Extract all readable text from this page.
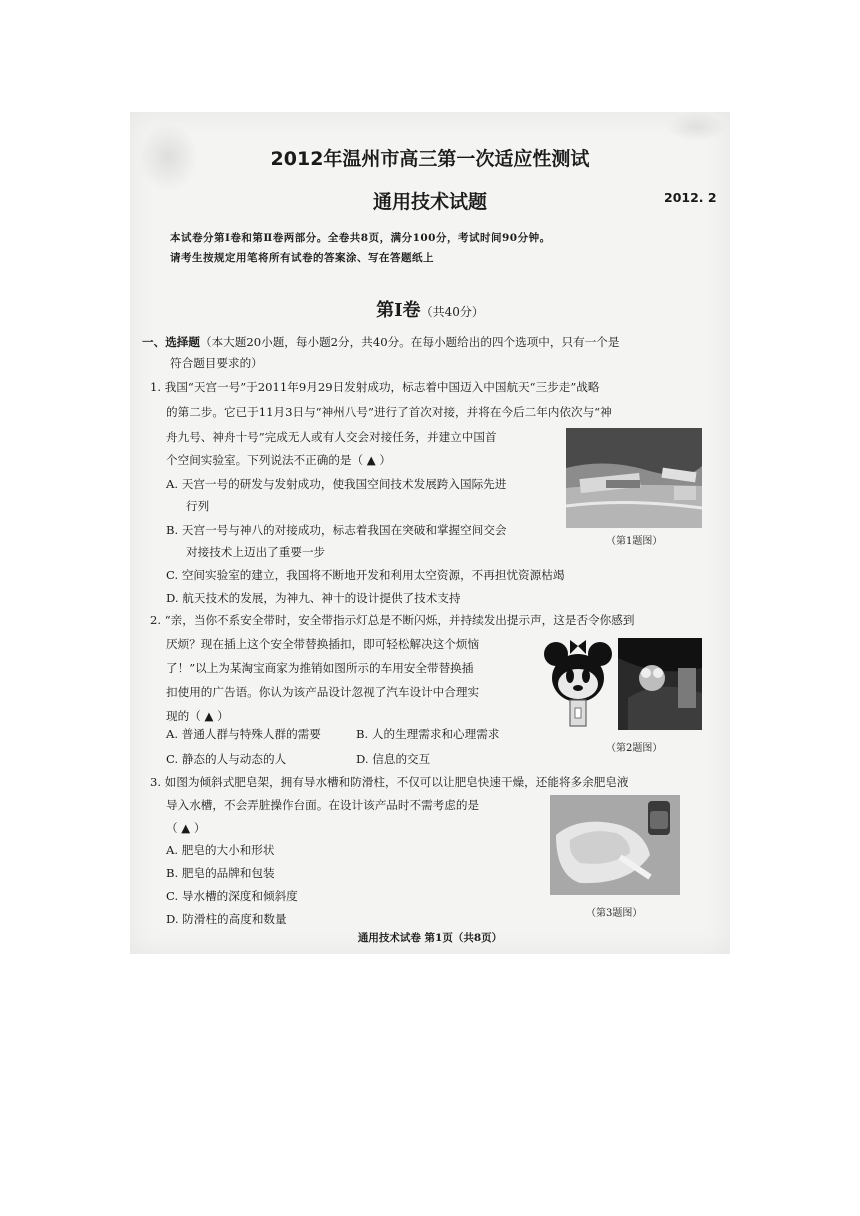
2012年温州市高三第一次适应性测试
通用技术试题	2012. 2
本试卷分第Ⅰ卷和第Ⅱ卷两部分。全卷共8页，满分100分，考试时间90分钟。
请考生按规定用笔将所有试卷的答案涂、写在答题纸上
第Ⅰ卷（共40分）
一、选择题（本大题20小题，每小题2分，共40分。在每小题给出的四个选项中，只有一个是
符合题目要求的）
1. 我国“天宫一号”于2011年9月29日发射成功，标志着中国迈入中国航天“三步走”战略
的第二步。它已于11月3日与“神州八号”进行了首次对接，并将在今后二年内依次与“神
舟九号、神舟十号”完成无人或有人交会对接任务，并建立中国首
个空间实验室。下列说法不正确的是（ ▲ ）
A. 天宫一号的研发与发射成功，使我国空间技术发展跨入国际先进
行列
B. 天宫一号与神八的对接成功，标志着我国在突破和掌握空间交会
对接技术上迈出了重要一步
C. 空间实验室的建立，我国将不断地开发和利用太空资源，不再担忧资源枯竭
D. 航天技术的发展，为神九、神十的设计提供了技术支持
（第1题图）
2. “亲，当你不系安全带时，安全带指示灯总是不断闪烁，并持续发出提示声，这是否令你感到
厌烦？现在插上这个安全带替换插扣，即可轻松解决这个烦恼
了！”以上为某淘宝商家为推销如图所示的车用安全带替换插
扣使用的广告语。你认为该产品设计忽视了汽车设计中合理实
现的（ ▲ ）
A. 普通人群与特殊人群的需要	B. 人的生理需求和心理需求
C. 静态的人与动态的人	D. 信息的交互
（第2题图）
3. 如图为倾斜式肥皂架，拥有导水槽和防滑柱，不仅可以让肥皂快速干燥，还能将多余肥皂液
导入水槽，不会弄脏操作台面。在设计该产品时不需考虑的是
（ ▲ ）
A. 肥皂的大小和形状
B. 肥皂的品牌和包装
C. 导水槽的深度和倾斜度
D. 防滑柱的高度和数量	（第3题图）
通用技术试卷 第1页（共8页）
